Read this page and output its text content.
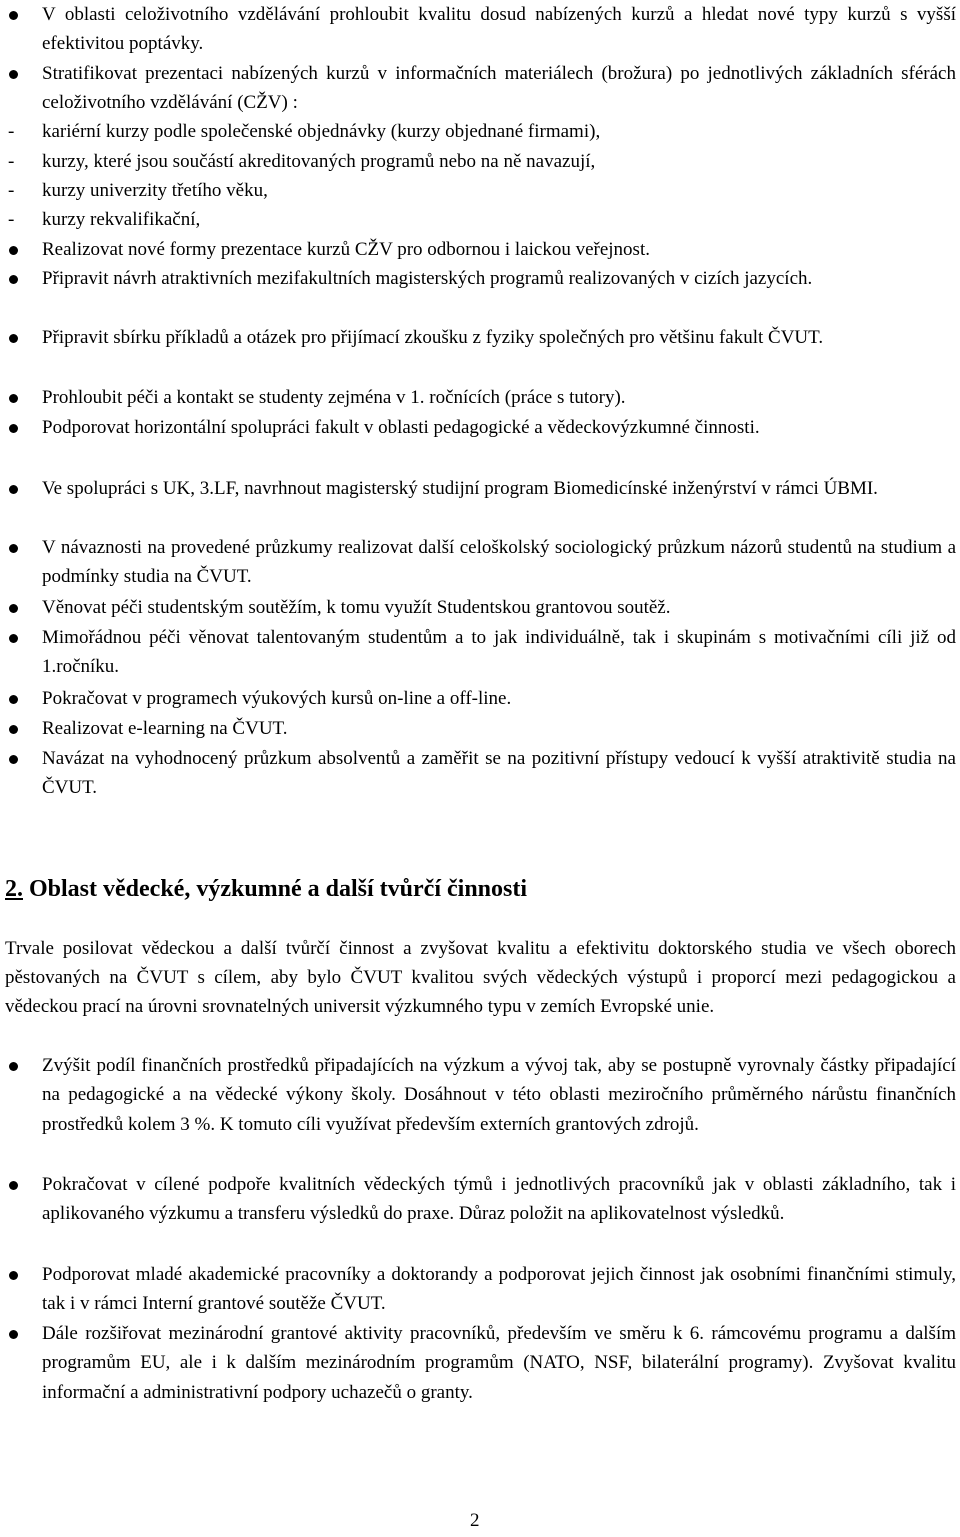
V oblasti celoživotního vzdělávání prohloubit kvalitu dosud nabízených kurzů a hledat nové typy kurzů s vyšší efektivitou poptávky.

Stratifikovat prezentaci nabízených kurzů v informačních materiálech (brožura) po jednotlivých základních sférách celoživotního vzdělávání (CŽV) :

- kariérní kurzy podle společenské objednávky (kurzy objednané firmami),

- kurzy, které jsou součástí akreditovaných programů nebo na ně navazují,

- kurzy univerzity třetího věku,

- kurzy rekvalifikační,

Realizovat nové formy prezentace kurzů CŽV pro odbornou i laickou veřejnost.

Připravit návrh atraktivních mezifakultních magisterských programů realizovaných v cizích jazycích.

Připravit sbírku příkladů a otázek pro přijímací zkoušku z fyziky společných pro většinu fakult ČVUT.

Prohloubit péči a kontakt se studenty zejména v 1. ročnících (práce s tutory).

Podporovat horizontální spolupráci fakult v oblasti pedagogické a vědeckovýzkumné činnosti.

Ve spolupráci s UK, 3.LF, navrhnout magisterský studijní program Biomedicínské inženýrství v rámci ÚBMI.

V návaznosti na provedené průzkumy realizovat další celoškolský sociologický průzkum názorů studentů na studium a podmínky studia na ČVUT.

Věnovat péči studentským soutěžím, k tomu využít Studentskou grantovou soutěž.

Mimořádnou péči věnovat talentovaným studentům a to jak individuálně, tak i skupinám s motivačními cíli již od 1.ročníku.

Pokračovat v programech výukových kursů on-line a off-line.

Realizovat e-learning na ČVUT.

Navázat na vyhodnocený průzkum absolventů a zaměřit se na pozitivní přístupy vedoucí k vyšší atraktivitě studia na ČVUT.

2. Oblast vědecké, výzkumné a další tvůrčí činnosti

Trvale posilovat vědeckou a další tvůrčí činnost a zvyšovat kvalitu a efektivitu doktorského studia ve všech oborech pěstovaných na ČVUT s cílem, aby bylo ČVUT kvalitou svých vědeckých výstupů i proporcí mezi pedagogickou a vědeckou prací na úrovni srovnatelných universit výzkumného typu v zemích Evropské unie.

Zvýšit podíl finančních prostředků připadajících na výzkum a vývoj tak, aby se postupně vyrovnaly částky připadající na pedagogické a na vědecké výkony školy. Dosáhnout v této oblasti meziročního průměrného nárůstu finančních prostředků kolem 3 %. K tomuto cíli využívat především externích grantových zdrojů.

Pokračovat v cílené podpoře kvalitních vědeckých týmů i jednotlivých pracovníků jak v oblasti základního, tak i aplikovaného výzkumu a transferu výsledků do praxe. Důraz položit na aplikovatelnost výsledků.

Podporovat mladé akademické pracovníky a doktorandy a podporovat jejich činnost jak osobními finančními stimuly, tak i v rámci Interní grantové soutěže ČVUT.

Dále rozšiřovat mezinárodní grantové aktivity pracovníků, především ve směru k 6. rámcovému programu a dalším programům EU, ale i k dalším mezinárodním programům (NATO, NSF, bilaterální programy). Zvyšovat kvalitu informační a administrativní podpory uchazečů o granty.

2
